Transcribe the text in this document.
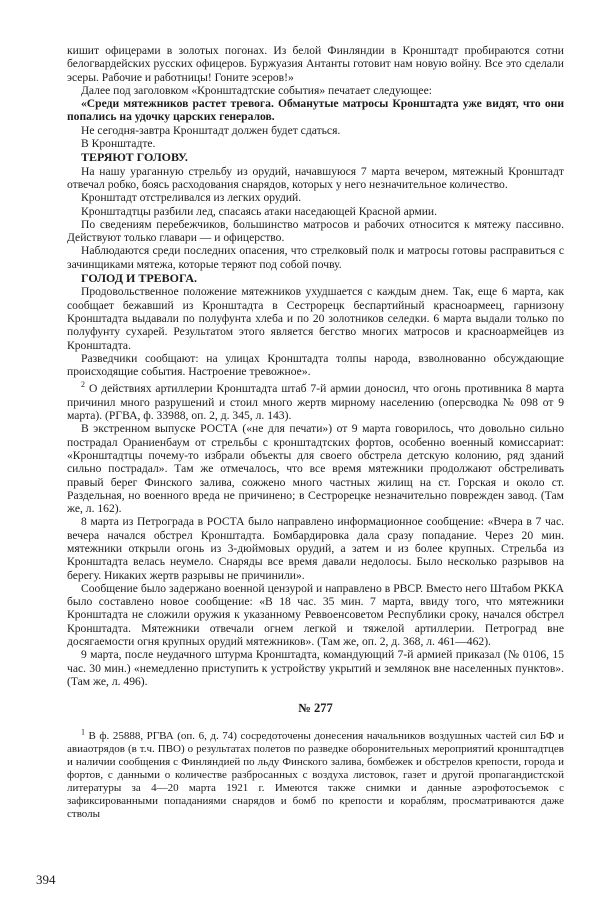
кишит офицерами в золотых погонах. Из белой Финляндии в Кронштадт пробираются сотни белогвардейских русских офицеров. Буржуазия Антанты готовит нам новую войну. Все это сделали эсеры. Рабочие и работницы! Гоните эсеров!»

Далее под заголовком «Кронштадтские события» печатает следующее:

«Среди мятежников растет тревога. Обманутые матросы Кронштадта уже видят, что они попались на удочку царских генералов.

Не сегодня-завтра Кронштадт должен будет сдаться.

В Кронштадте.

ТЕРЯЮТ ГОЛОВУ.

На нашу ураганную стрельбу из орудий, начавшуюся 7 марта вечером, мятежный Кронштадт отвечал робко, боясь расходования снарядов, которых у него незначительное количество.

Кронштадт отстреливался из легких орудий.

Кронштадтцы разбили лед, спасаясь атаки наседающей Красной армии.

По сведениям перебежчиков, большинство матросов и рабочих относится к мятежу пассивно. Действуют только главари — и офицерство.

Наблюдаются среди последних опасения, что стрелковый полк и матросы готовы расправиться с зачинщиками мятежа, которые теряют под собой почву.

ГОЛОД И ТРЕВОГА.

Продовольственное положение мятежников ухудшается с каждым днем. Так, еще 6 марта, как сообщает бежавший из Кронштадта в Сестрорецк беспартийный красноармеец, гарнизону Кронштадта выдавали по полуфунта хлеба и по 20 золотников селедки. 6 марта выдали только по полуфунту сухарей. Результатом этого является бегство многих матросов и красноармейцев из Кронштадта.

Разведчики сообщают: на улицах Кронштадта толпы народа, взволнованно обсуждающие происходящие события. Настроение тревожное».

$^2$ О действиях артиллерии Кронштадта штаб 7-й армии доносил, что огонь противника 8 марта причинил много разрушений и стоил много жертв мирному населению (оперсводка № 098 от 9 марта). (РГВА, ф. 33988, оп. 2, д. 345, л. 143).

В экстренном выпуске РОСТА («не для печати») от 9 марта говорилось, что довольно сильно пострадал Ораниенбаум от стрельбы с кронштадтских фортов, особенно военный комиссариат: «Кронштадтцы почему-то избрали объекты для своего обстрела детскую колонию, ряд зданий сильно пострадал». Там же отмечалось, что все время мятежники продолжают обстреливать правый берег Финского залива, сожжено много частных жилищ на ст. Горская и около ст. Раздельная, но военного вреда не причинено; в Сестрорецке незначительно поврежден завод. (Там же, л. 162).

8 марта из Петрограда в РОСТА было направлено информационное сообщение: «Вчера в 7 час. вечера начался обстрел Кронштадта. Бомбардировка дала сразу попадание. Через 20 мин. мятежники открыли огонь из 3-дюймовых орудий, а затем и из более крупных. Стрельба из Кронштадта велась неумело. Снаряды все время давали недолосы. Было несколько разрывов на берегу. Никаких жертв разрывы не причинили».

Сообщение было задержано военной цензурой и направлено в РВСР. Вместо него Штабом РККА было составлено новое сообщение: «В 18 час. 35 мин. 7 марта, ввиду того, что мятежники Кронштадта не сложили оружия к указанному Реввоенсоветом Республики сроку, начался обстрел Кронштадта. Мятежники отвечали огнем легкой и тяжелой артиллерии. Петроград вне досягаемости огня крупных орудий мятежников». (Там же, оп. 2, д. 368, л. 461—462).

9 марта, после неудачного штурма Кронштадта, командующий 7-й армией приказал (№ 0106, 15 час. 30 мин.) «немедленно приступить к устройству укрытий и землянок вне населенных пунктов». (Там же, л. 496).

№ 277

$^1$ В ф. 25888, РГВА (оп. 6, д. 74) сосредоточены донесения начальников воздушных частей сил БФ и авиаотрядов (в т.ч. ПВО) о результатах полетов по разведке оборонительных мероприятий кронштадтцев и наличии сообщения с Финляндией по льду Финского залива, бомбежек и обстрелов крепости, города и фортов, с данными о количестве разбросанных с воздуха листовок, газет и другой пропагандистской литературы за 4—20 марта 1921 г. Имеются также снимки и данные аэрофотосъемок с зафиксированными попаданиями снарядов и бомб по крепости и кораблям, просматриваются даже стволы

394
